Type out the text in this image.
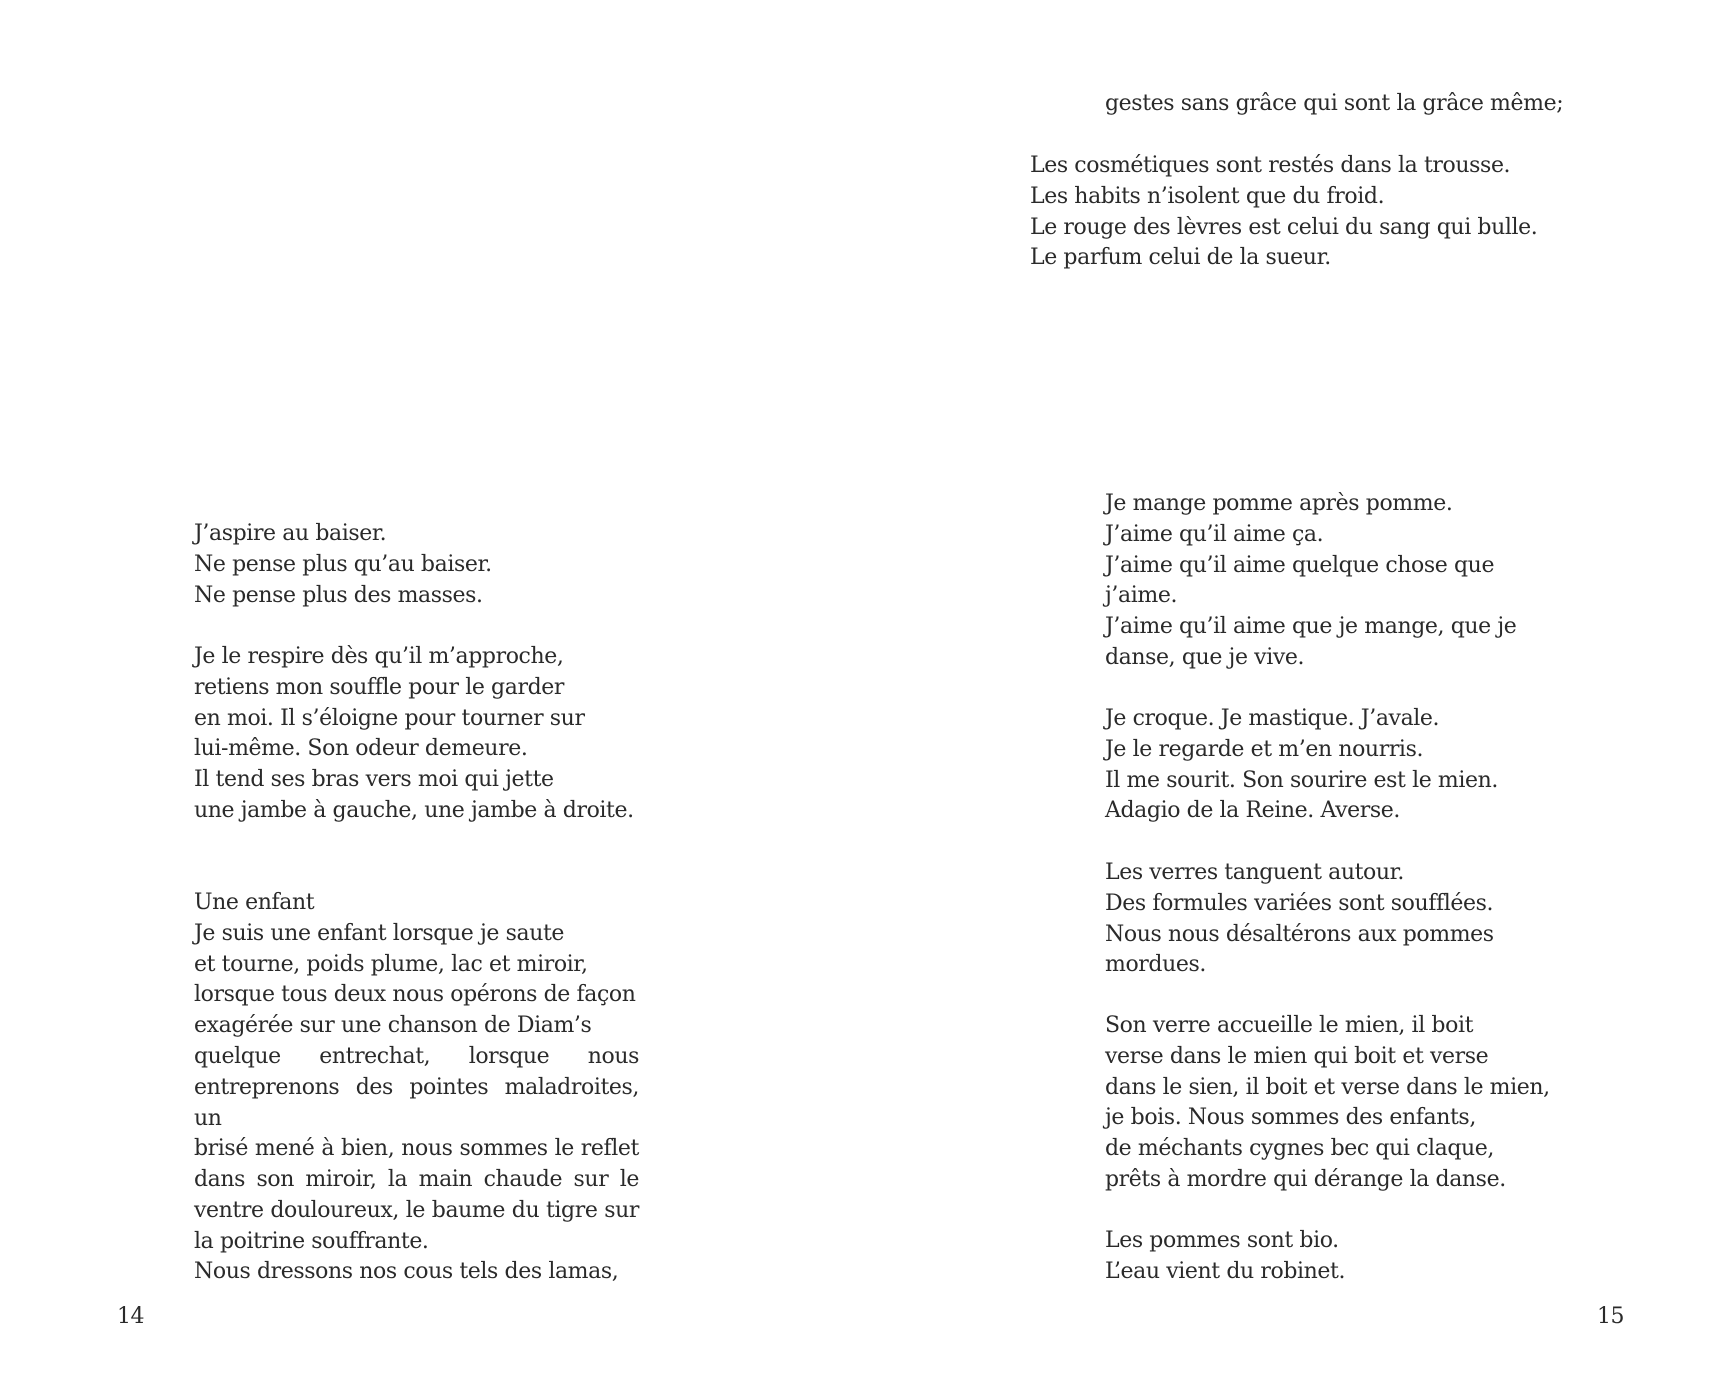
J’aspire au baiser.
Ne pense plus qu’au baiser.
Ne pense plus des masses.
Je le respire dès qu’il m’approche,
retiens mon souffle pour le garder
en moi. Il s’éloigne pour tourner sur
lui-même. Son odeur demeure.
Il tend ses bras vers moi qui jette
une jambe à gauche, une jambe à droite.
Une enfant
Je suis une enfant lorsque je saute
et tourne, poids plume, lac et miroir,
lorsque tous deux nous opérons de façon
exagérée sur une chanson de Diam’s
quelque entrechat, lorsque nous
entreprenons des pointes maladroites, un
brisé mené à bien, nous sommes le reflet
dans son miroir, la main chaude sur le
ventre douloureux, le baume du tigre sur
la poitrine souffrante.
Nous dressons nos cous tels des lamas,
14
gestes sans grâce qui sont la grâce même;
Les cosmétiques sont restés dans la trousse.
Les habits n’isolent que du froid.
Le rouge des lèvres est celui du sang qui bulle.
Le parfum celui de la sueur.
Je mange pomme après pomme.
J’aime qu’il aime ça.
J’aime qu’il aime quelque chose que
j’aime.
J’aime qu’il aime que je mange, que je
danse, que je vive.
Je croque. Je mastique. J’avale.
Je le regarde et m’en nourris.
Il me sourit. Son sourire est le mien.
Adagio de la Reine. Averse.
Les verres tanguent autour.
Des formules variées sont soufflées.
Nous nous désaltérons aux pommes
mordues.
Son verre accueille le mien, il boit
verse dans le mien qui boit et verse
dans le sien, il boit et verse dans le mien,
je bois. Nous sommes des enfants,
de méchants cygnes bec qui claque,
prêts à mordre qui dérange la danse.
Les pommes sont bio.
L’eau vient du robinet.
15
